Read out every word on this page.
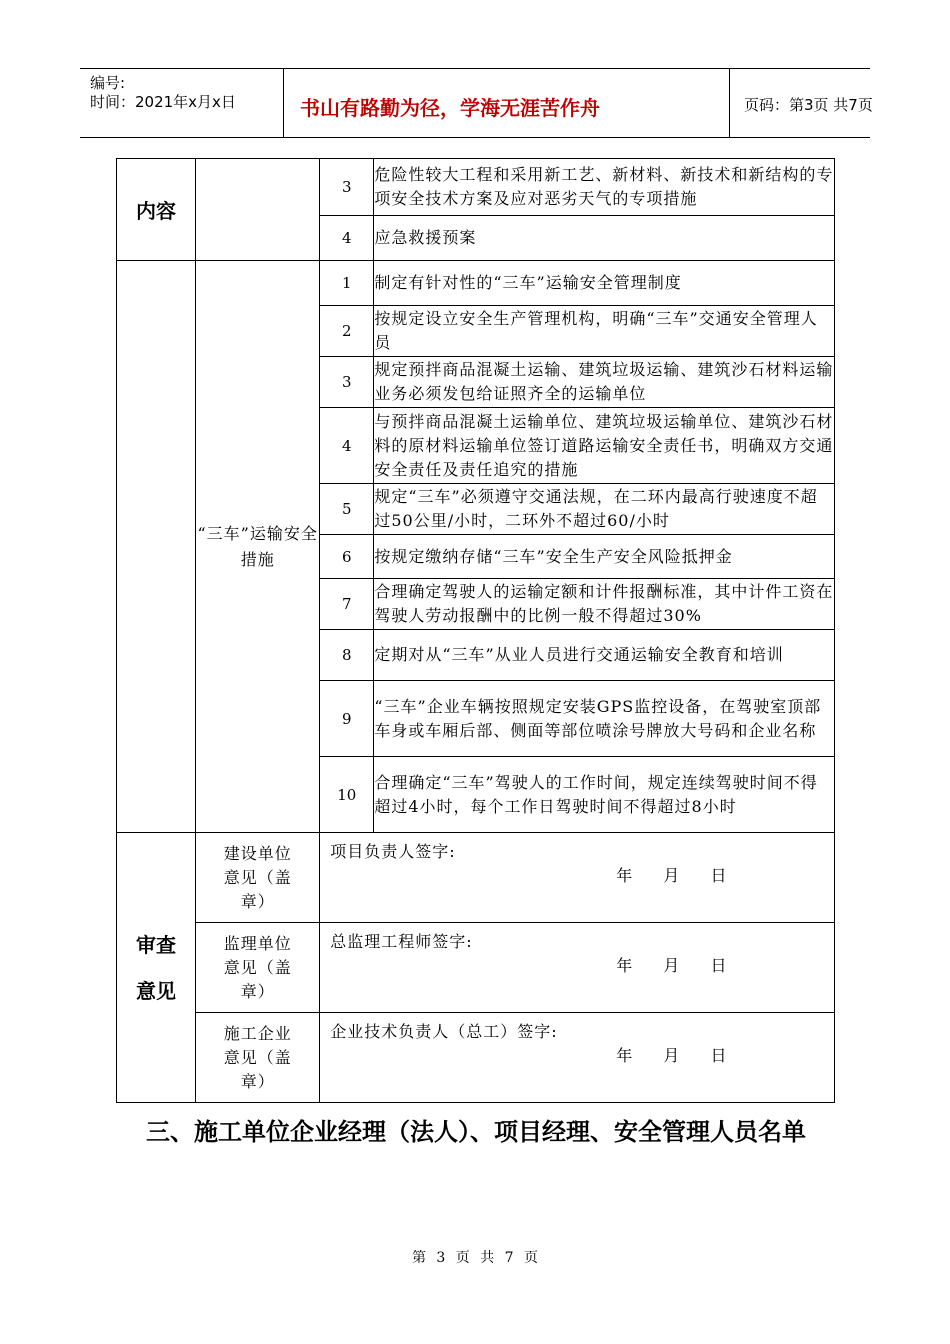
编号:
时间：2021年x月x日	书山有路勤为径，学海无涯苦作舟	页码：第3页 共7页
内容		3	危险性较大工程和采用新工艺、新材料、新技术和新结构的专项安全技术方案及应对恶劣天气的专项措施
		4	应急救援预案
	“三车”运输安全措施	1	制定有针对性的“三车”运输安全管理制度
		2	按规定设立安全生产管理机构，明确“三车”交通安全管理人员
		3	规定预拌商品混凝土运输、建筑垃圾运输、建筑沙石材料运输业务必须发包给证照齐全的运输单位
		4	与预拌商品混凝土运输单位、建筑垃圾运输单位、建筑沙石材料的原材料运输单位签订道路运输安全责任书，明确双方交通安全责任及责任追究的措施
		5	规定“三车”必须遵守交通法规，在二环内最高行驶速度不超过50公里/小时，二环外不超过60/小时
		6	按规定缴纳存储“三车”安全生产安全风险抵押金
		7	合理确定驾驶人的运输定额和计件报酬标准，其中计件工资在驾驶人劳动报酬中的比例一般不得超过30%
		8	定期对从“三车”从业人员进行交通运输安全教育和培训
		9	“三车”企业车辆按照规定安装GPS监控设备，在驾驶室顶部车身或车厢后部、侧面等部位喷涂号牌放大号码和企业名称
		10	合理确定“三车”驾驶人的工作时间，规定连续驾驶时间不得超过4小时，每个工作日驾驶时间不得超过8小时
审查意见	建设单位意见（盖章）	项目负责人签字:
年 月 日	

	监理单位意见（盖章）	总监理工程师签字:
年 月 日	

	施工企业意见（盖章）	企业技术负责人（总工）签字:
年 月 日	
三、施工单位企业经理（法人）、项目经理、安全管理人员名单
第 3 页 共 7 页
